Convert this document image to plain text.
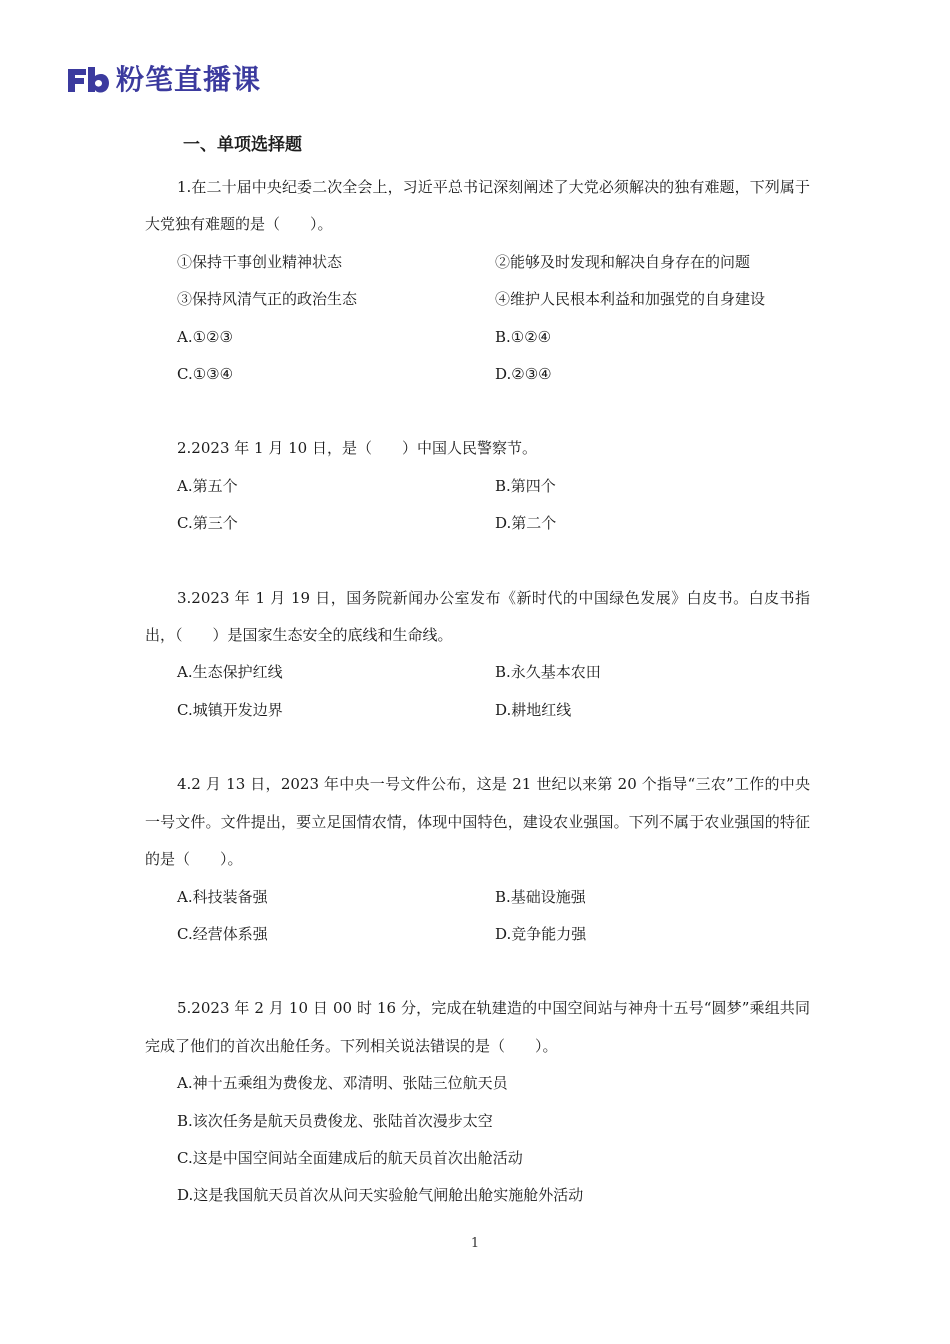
粉笔直播课
一、单项选择题

1.在二十届中央纪委二次全会上，习近平总书记深刻阐述了大党必须解决的独有难题，下列属于大党独有难题的是（　　）。

①保持干事创业精神状态	②能够及时发现和解决自身存在的问题
③保持风清气正的政治生态	④维护人民根本利益和加强党的自身建设
A.①②③	B.①②④
C.①③④	D.②③④

2.2023 年 1 月 10 日，是（　　）中国人民警察节。

A.第五个	B.第四个
C.第三个	D.第二个

3.2023 年 1 月 19 日，国务院新闻办公室发布《新时代的中国绿色发展》白皮书。白皮书指出，（　　）是国家生态安全的底线和生命线。

A.生态保护红线	B.永久基本农田
C.城镇开发边界	D.耕地红线

4.2 月 13 日，2023 年中央一号文件公布，这是 21 世纪以来第 20 个指导“三农”工作的中央一号文件。文件提出，要立足国情农情，体现中国特色，建设农业强国。下列不属于农业强国的特征的是（　　）。

A.科技装备强	B.基础设施强
C.经营体系强	D.竞争能力强

5.2023 年 2 月 10 日 00 时 16 分，完成在轨建造的中国空间站与神舟十五号“圆梦”乘组共同完成了他们的首次出舱任务。下列相关说法错误的是（　　）。

A.神十五乘组为费俊龙、邓清明、张陆三位航天员
B.该次任务是航天员费俊龙、张陆首次漫步太空
C.这是中国空间站全面建成后的航天员首次出舱活动
D.这是我国航天员首次从问天实验舱气闸舱出舱实施舱外活动
1
